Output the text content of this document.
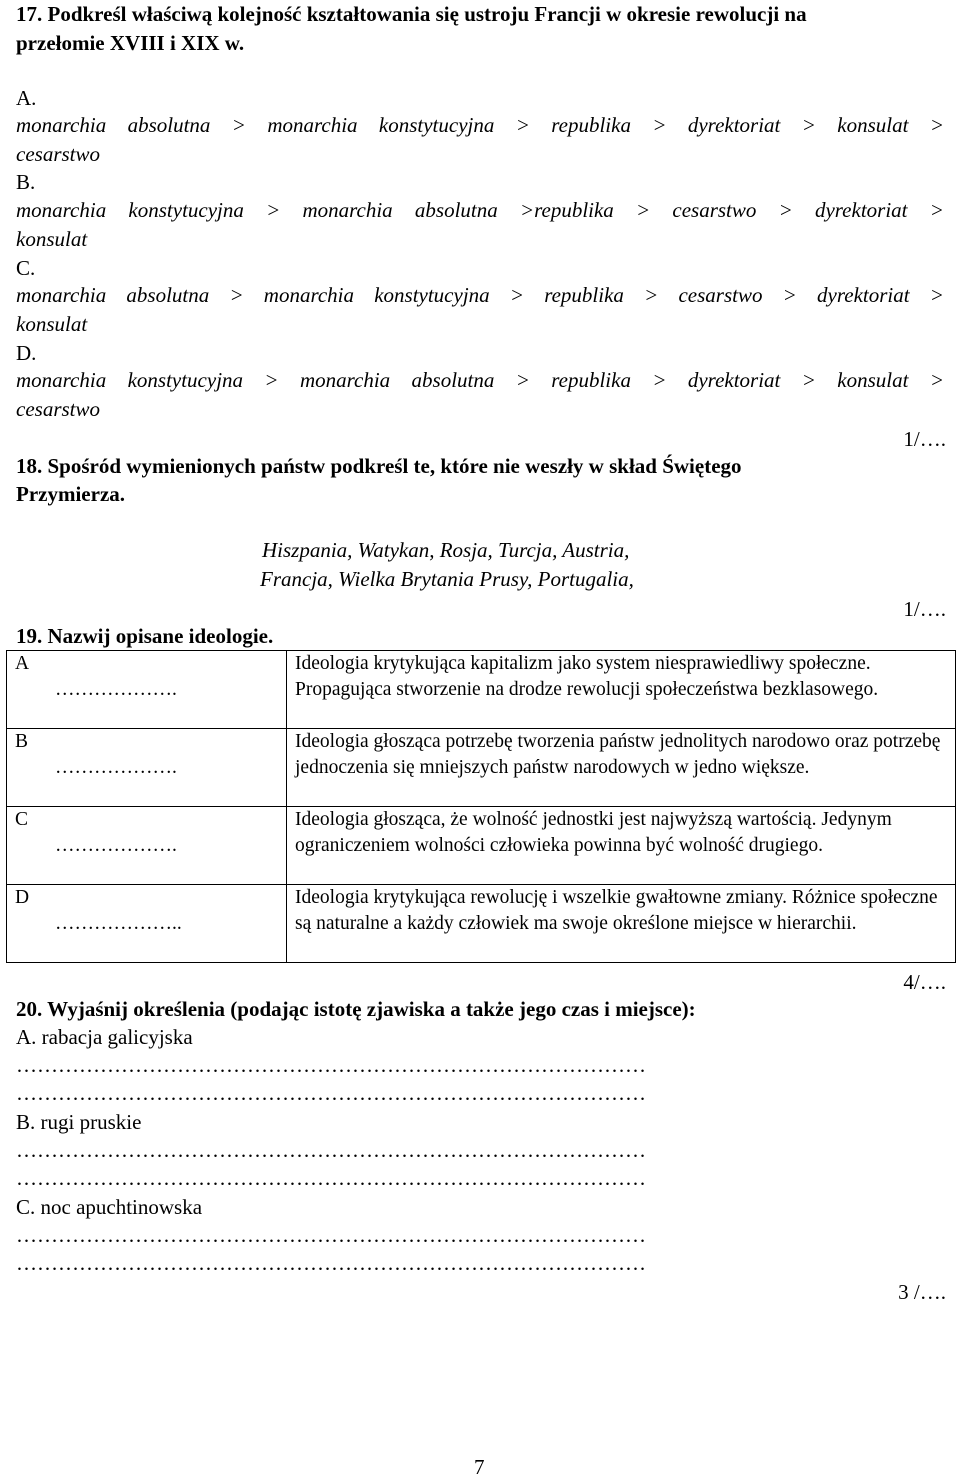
17. Podkreśl właściwą kolejność kształtowania się ustroju Francji w okresie rewolucji na
przełomie XVIII i XIX w.
A.
monarchia absolutna > monarchia konstytucyjna > republika > dyrektoriat > konsulat >
cesarstwo
B.
monarchia konstytucyjna > monarchia absolutna >republika > cesarstwo > dyrektoriat >
konsulat
C.
monarchia absolutna > monarchia konstytucyjna > republika > cesarstwo > dyrektoriat >
konsulat
D.
monarchia konstytucyjna > monarchia absolutna > republika > dyrektoriat > konsulat >
cesarstwo
1/….
18. Spośród wymienionych państw podkreśl te, które nie weszły w skład Świętego
Przymierza.
Hiszpania, Watykan, Rosja, Turcja, Austria,
Francja, Wielka Brytania Prusy, Portugalia,
1/….
19. Nazwij opisane ideologie.
A
……………….	Ideologia krytykująca kapitalizm jako system niesprawiedliwy społeczne. Propagująca stworzenie na drodze rewolucji społeczeństwa bezklasowego.

B
……………….	Ideologia głosząca potrzebę tworzenia państw jednolitych narodowo oraz potrzebę jednoczenia się mniejszych państw narodowych w jedno większe.

C
……………….	Ideologia głosząca, że wolność jednostki jest najwyższą wartością. Jedynym ograniczeniem wolności człowieka powinna być wolność drugiego.

D
………………..	Ideologia krytykująca rewolucję i wszelkie gwałtowne zmiany. Różnice społeczne są naturalne a każdy człowiek ma swoje określone miejsce w hierarchii.
4/….
20. Wyjaśnij określenia (podając istotę zjawiska a także jego czas i miejsce):
A. rabacja galicyjska
………………………………………………………………………………
………………………………………………………………………………
B. rugi pruskie
………………………………………………………………………………
………………………………………………………………………………
C. noc apuchtinowska
………………………………………………………………………………
………………………………………………………………………………
3 /….
7
